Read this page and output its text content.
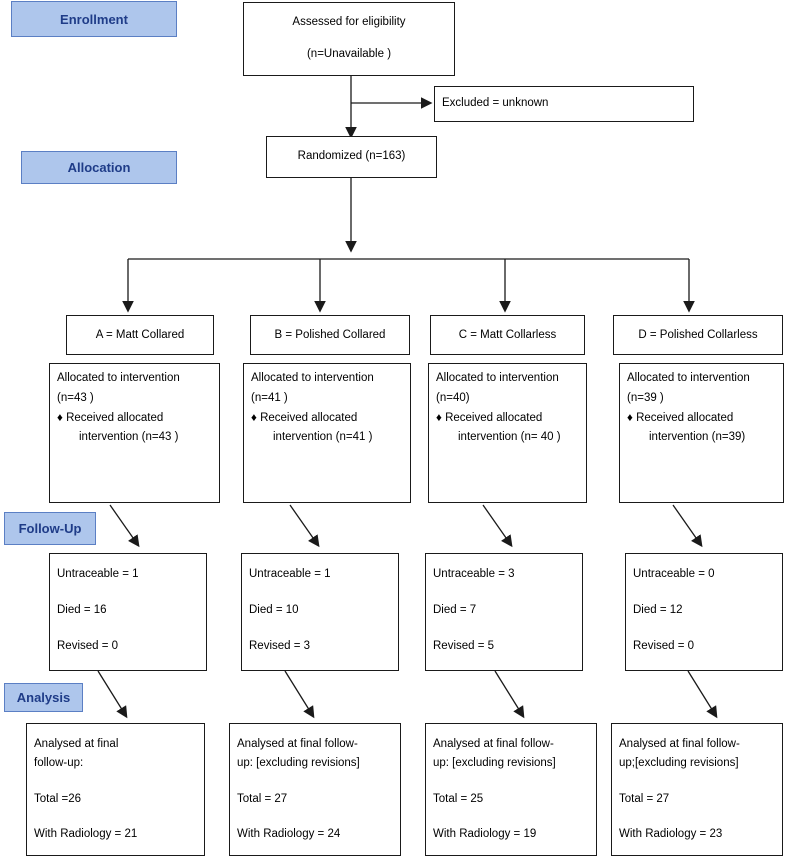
Enrollment
Allocation
Follow-Up
Analysis
Assessed for eligibility
(n=Unavailable )
Excluded = unknown
Randomized (n=163)
A = Matt Collared	B = Polished Collared	C = Matt Collarless	D = Polished Collarless
Allocated to intervention
(n=43 )
♦ Received allocated
intervention (n=43 )
Allocated to intervention
(n=41 )
♦ Received allocated
intervention (n=41 )
Allocated to intervention
(n=40)
♦ Received allocated
intervention (n= 40 )
Allocated to intervention
(n=39 )
♦ Received allocated
intervention (n=39)
Untraceable = 1
Died = 16
Revised = 0
Untraceable = 1
Died = 10
Revised = 3
Untraceable = 3
Died = 7
Revised = 5
Untraceable = 0
Died = 12
Revised = 0
Analysed at final
follow-up:
Total =26
With Radiology = 21
Analysed at final follow-
up: [excluding revisions]
Total = 27
With Radiology = 24
Analysed at final follow-
up: [excluding revisions]
Total = 25
With Radiology = 19
Analysed at final follow-
up;[excluding revisions]
Total = 27
With Radiology = 23
